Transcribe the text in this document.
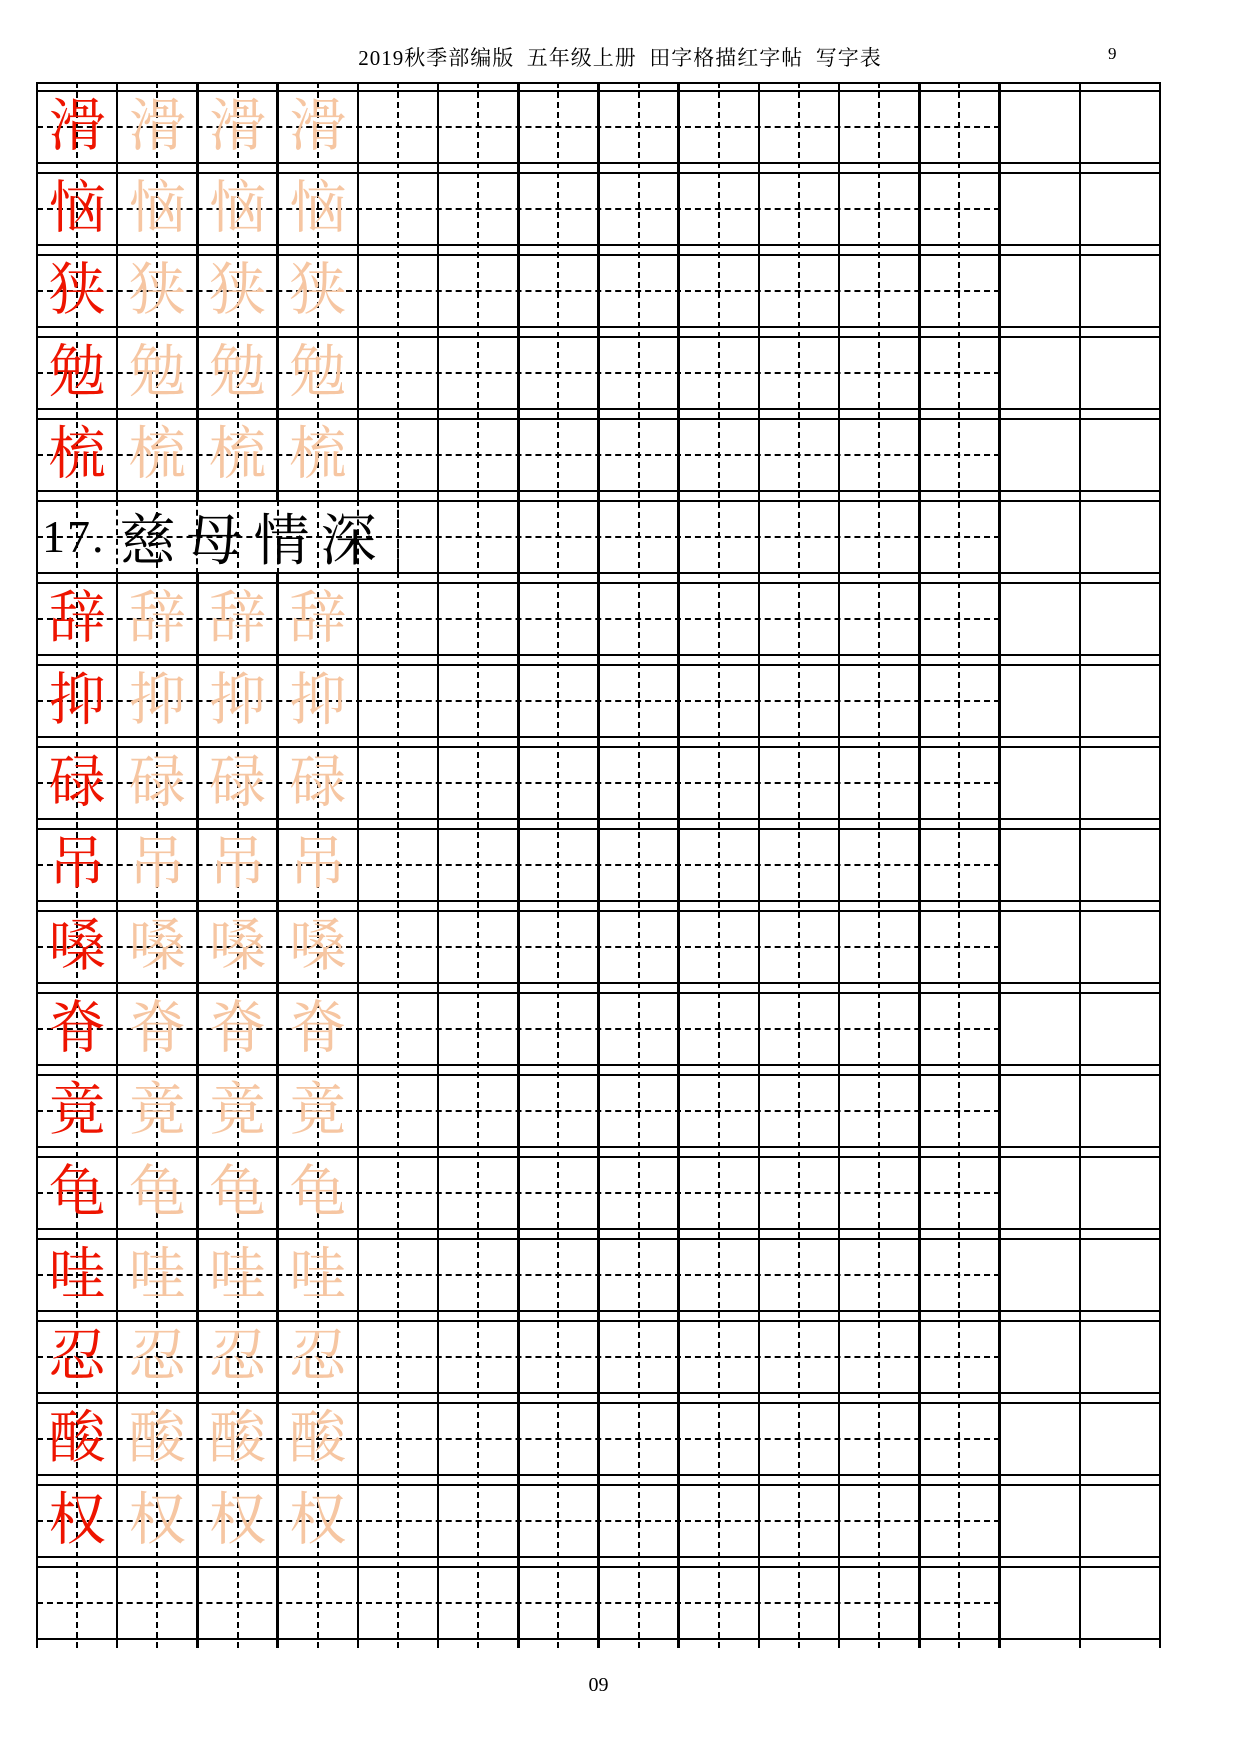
2019秋季部编版  五年级上册  田字格描红字帖  写字表	9
滑 滑 滑 滑
恼 恼 恼 恼
狭 狭 狭 狭
勉 勉 勉 勉
梳 梳 梳 梳
17. 慈母情深
辞 辞 辞 辞
抑 抑 抑 抑
碌 碌 碌 碌
吊 吊 吊 吊
嗓 嗓 嗓 嗓
脊 脊 脊 脊
竟 竟 竟 竟
龟 龟 龟 龟
哇 哇 哇 哇
忍 忍 忍 忍
酸 酸 酸 酸
权 权 权 权
09
